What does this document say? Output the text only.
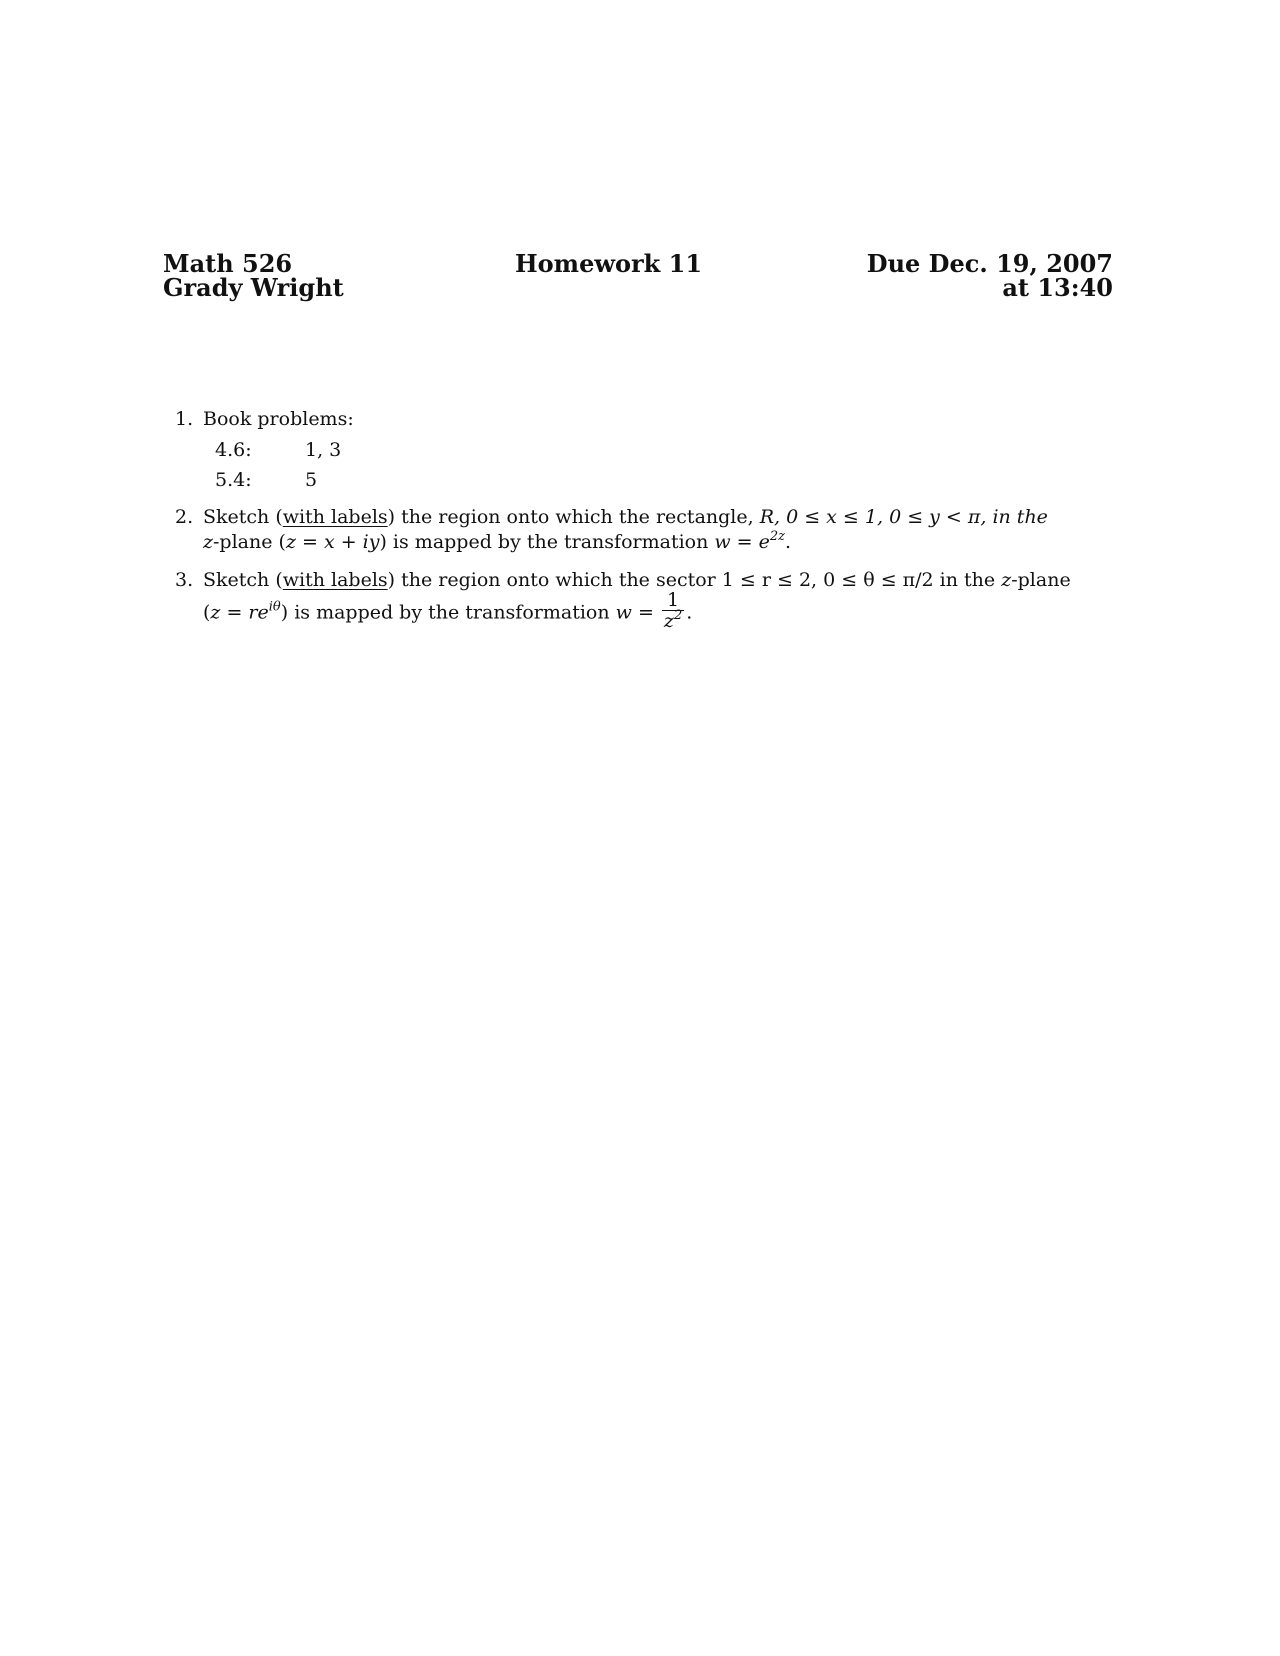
Math 526
Grady Wright
Homework 11	Due Dec. 19, 2007
at 13:40
1. Book problems:
4.6:	1, 3
5.4:	5
2. Sketch (with labels) the region onto which the rectangle, R, 0 ≤ x ≤ 1, 0 ≤ y < π, in the
z-plane (z = x + iy) is mapped by the transformation $w = e^{2z}$.
3. Sketch (with labels) the region onto which the sector 1 ≤ r ≤ 2, 0 ≤ θ ≤ π/2 in the z-plane
$(z = re^{i\theta})$ is mapped by the transformation $w = \frac{1}{z^2}$ .
